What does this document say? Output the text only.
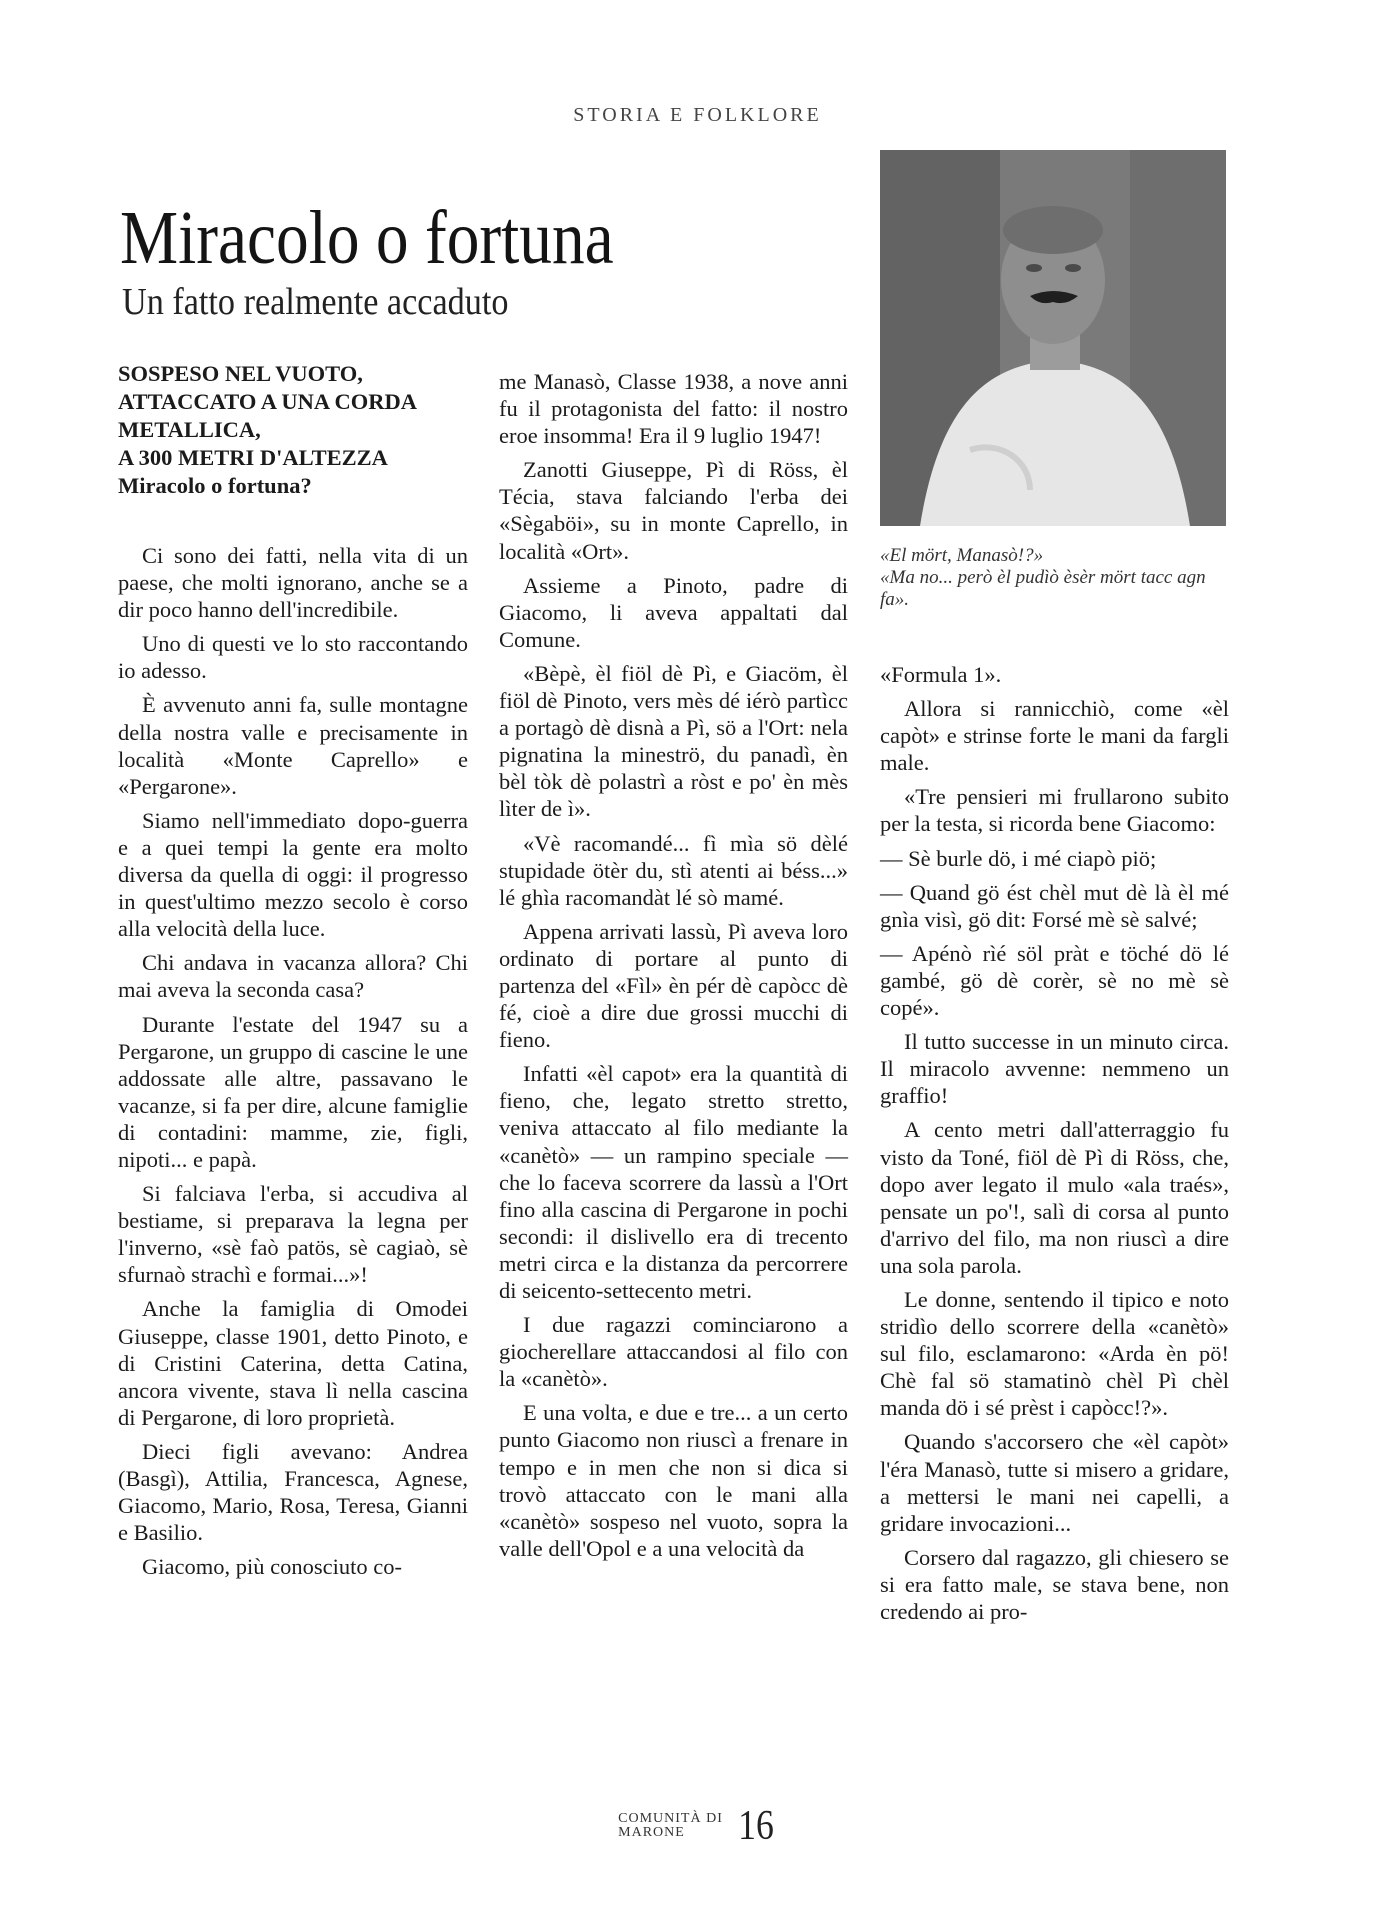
STORIA E FOLKLORE
Miracolo o fortuna
Un fatto realmente accaduto
SOSPESO NEL VUOTO,
ATTACCATO A UNA CORDA
METALLICA,
A 300 METRI D'ALTEZZA
Miracolo o fortuna?

Ci sono dei fatti, nella vita di un paese, che molti ignorano, anche se a dir poco hanno dell'incredibile.

Uno di questi ve lo sto raccontando io adesso.

È avvenuto anni fa, sulle montagne della nostra valle e precisamente in località «Monte Caprello» e «Pergarone».

Siamo nell'immediato dopo-guerra e a quei tempi la gente era molto diversa da quella di oggi: il progresso in quest'ultimo mezzo secolo è corso alla velocità della luce.

Chi andava in vacanza allora? Chi mai aveva la seconda casa?

Durante l'estate del 1947 su a Pergarone, un gruppo di cascine le une addossate alle altre, passavano le vacanze, si fa per dire, alcune famiglie di contadini: mamme, zie, figli, nipoti... e papà.

Si falciava l'erba, si accudiva al bestiame, si preparava la legna per l'inverno, «sè faò patös, sè cagiaò, sè sfurnaò strachì e formai...»!

Anche la famiglia di Omodei Giuseppe, classe 1901, detto Pinoto, e di Cristini Caterina, detta Catina, ancora vivente, stava lì nella cascina di Pergarone, di loro proprietà.

Dieci figli avevano: Andrea (Basgì), Attilia, Francesca, Agnese, Giacomo, Mario, Rosa, Teresa, Gianni e Basilio.

Giacomo, più conosciuto co-

me Manasò, Classe 1938, a nove anni fu il protagonista del fatto: il nostro eroe insomma! Era il 9 luglio 1947!

Zanotti Giuseppe, Pì di Röss, èl Técia, stava falciando l'erba dei «Sègaböi», su in monte Caprello, in località «Ort».

Assieme a Pinoto, padre di Giacomo, li aveva appaltati dal Comune.

«Bèpè, èl fiöl dè Pì, e Giacöm, èl fiöl dè Pinoto, vers mès dé iérò partìcc a portagò dè disnà a Pì, sö a l'Ort: nela pignatina la mineströ, du panadì, èn bèl tòk dè polastrì a ròst e po' èn mès lìter de ì».

«Vè racomandé... fì mìa sö dèlé stupidade ötèr du, stì atenti ai béss...» lé ghìa racomandàt lé sò mamé.

Appena arrivati lassù, Pì aveva loro ordinato di portare al punto di partenza del «Fìl» èn pér dè capòcc dè fé, cioè a dire due grossi mucchi di fieno.

Infatti «èl capot» era la quantità di fieno, che, legato stretto stretto, veniva attaccato al filo mediante la «canètò» — un rampino speciale — che lo faceva scorrere da lassù a l'Ort fino alla cascina di Pergarone in pochi secondi: il dislivello era di trecento metri circa e la distanza da percorrere di seicento-settecento metri.

I due ragazzi cominciarono a giocherellare attaccandosi al filo con la «canètò».

E una volta, e due e tre... a un certo punto Giacomo non riuscì a frenare in tempo e in men che non si dica si trovò attaccato con le mani alla «canètò» sospeso nel vuoto, sopra la valle dell'Opol e a una velocità da

«El mört, Manasò!?»
«Ma no... però èl pudìò èsèr mört tacc agn fa».

«Formula 1».

Allora si rannicchiò, come «èl capòt» e strinse forte le mani da fargli male.

«Tre pensieri mi frullarono subito per la testa, si ricorda bene Giacomo:

— Sè burle dö, i mé ciapò piö;

— Quand gö ést chèl mut dè là èl mé gnìa visì, gö dit: Forsé mè sè salvé;

— Apénò rìé söl pràt e töché dö lé gambé, gö dè corèr, sè no mè sè copé».

Il tutto successe in un minuto circa. Il miracolo avvenne: nemmeno un graffio!

A cento metri dall'atterraggio fu visto da Toné, fiöl dè Pì di Röss, che, dopo aver legato il mulo «ala traés», pensate un po'!, salì di corsa al punto d'arrivo del filo, ma non riuscì a dire una sola parola.

Le donne, sentendo il tipico e noto stridìo dello scorrere della «canètò» sul filo, esclamarono: «Arda èn pö! Chè fal sö stamatinò chèl Pì chèl manda dö i sé prèst i capòcc!?».

Quando s'accorsero che «èl capòt» l'éra Manasò, tutte si misero a gridare, a mettersi le mani nei capelli, a gridare invocazioni...

Corsero dal ragazzo, gli chiesero se si era fatto male, se stava bene, non credendo ai pro-

COMUNITÀ DI
MARONE	16
